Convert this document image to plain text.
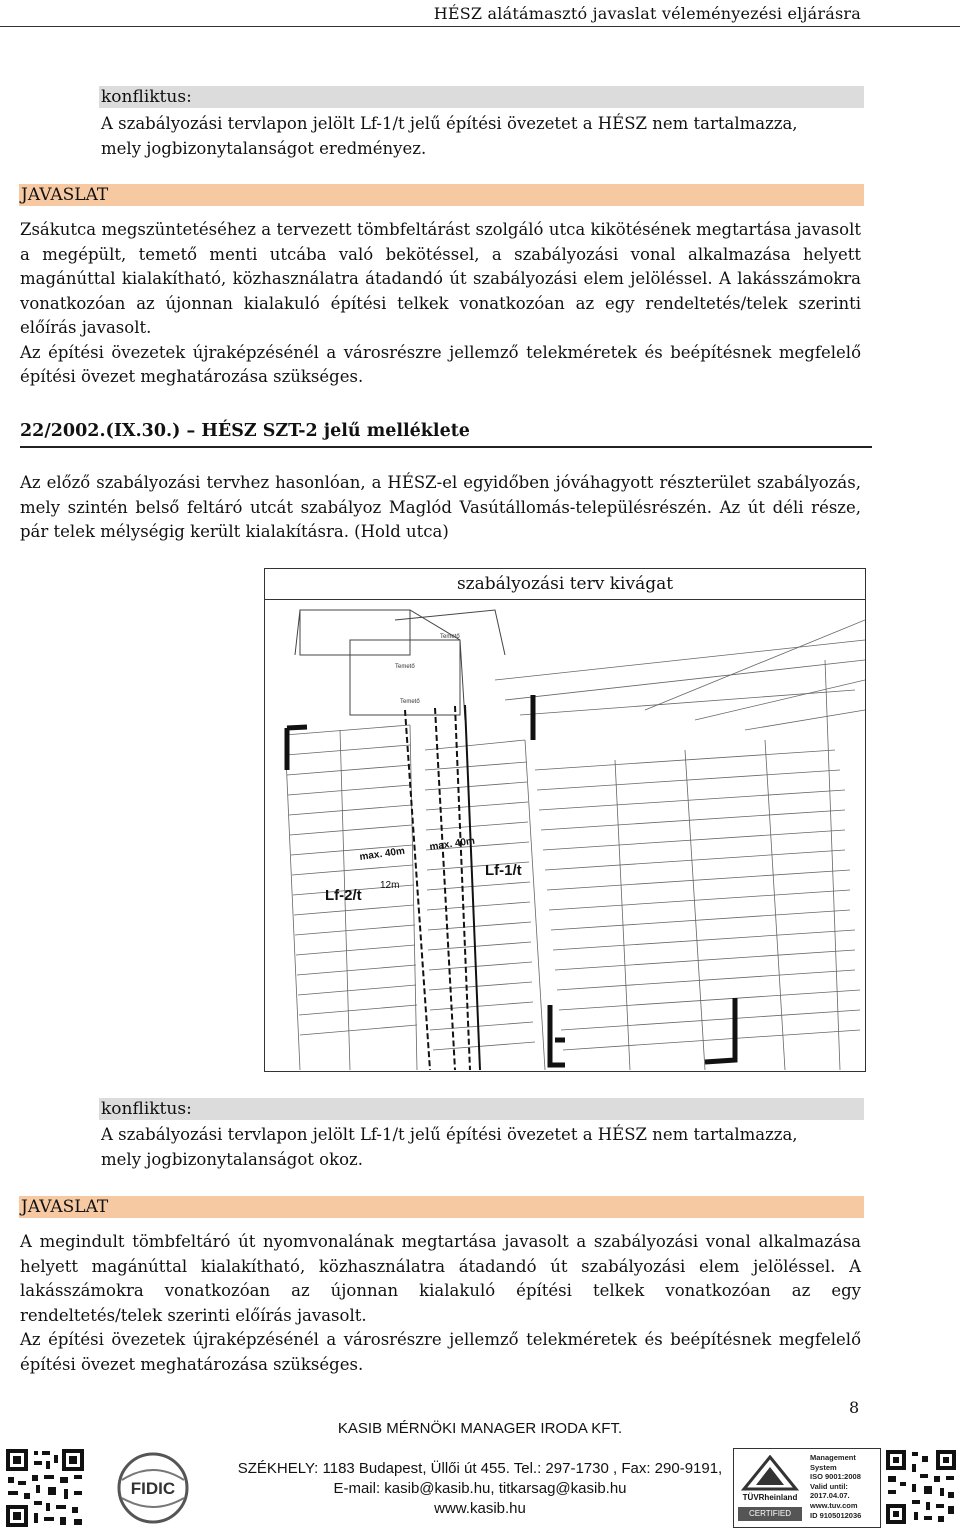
HÉSZ alátámasztó javaslat véleményezési eljárásra
konfliktus:

A szabályozási tervlapon jelölt Lf-1/t jelű építési övezetet a HÉSZ nem tartalmazza,

mely jogbizonytalanságot eredményez.

JAVASLAT

Zsákutca megszüntetéséhez a tervezett tömbfeltárást szolgáló utca kikötésének megtartása javasolt a megépült, temető menti utcába való bekötéssel, a szabályozási vonal alkalmazása helyett magánúttal kialakítható, közhasználatra átadandó út szabályozási elem jelöléssel. A lakásszámokra vonatkozóan az újonnan kialakuló építési telkek vonatkozóan az egy rendeltetés/telek szerinti előírás javasolt.

Az építési övezetek újraképzésénél a városrészre jellemző telekméretek és beépítésnek megfelelő építési övezet meghatározása szükséges.

22/2002.(IX.30.) – HÉSZ SZT-2 jelű melléklete

Az előző szabályozási tervhez hasonlóan, a HÉSZ-el egyidőben jóváhagyott részterület szabályozás, mely szintén belső feltáró utcát szabályoz Maglód Vasútállomás-településrészén. Az út déli része, pár telek mélységig került kialakításra. (Hold utca)

szabályozási terv kivágat
Temető
Temető
Temető
Lf-2/t
Lf-1/t
max. 40m
max. 40m
12m
konfliktus:

A szabályozási tervlapon jelölt Lf-1/t jelű építési övezetet a HÉSZ nem tartalmazza,

mely jogbizonytalanságot okoz.

JAVASLAT

A megindult tömbfeltáró út nyomvonalának megtartása javasolt a szabályozási vonal alkalmazása helyett magánúttal kialakítható, közhasználatra átadandó út szabályozási elem jelöléssel. A lakásszámokra vonatkozóan az újonnan kialakuló építési telkek vonatkozóan az egy rendeltetés/telek szerinti előírás javasolt.

Az építési övezetek újraképzésénél a városrészre jellemző telekméretek és beépítésnek megfelelő építési övezet meghatározása szükséges.

8
KASIB MÉRNÖKI MANAGER IRODA KFT.
FIDIC
SZÉKHELY: 1183 Budapest, Üllői út 455. Tel.: 297-1730 , Fax: 290-9191,
E-mail: kasib@kasib.hu, titkarsag@kasib.hu
www.kasib.hu
TÜVRheinland
CERTIFIED
Management
System
ISO 9001:2008
Valid until:
2017.04.07.
www.tuv.com
ID 9105012036
